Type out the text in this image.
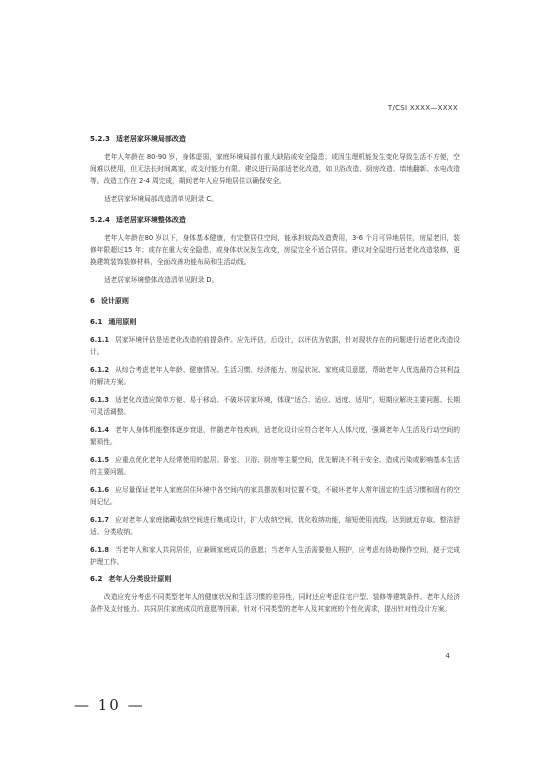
T/CSI XXXX—XXXX
5.2.3 适老居家环境局部改造

老年人年龄在 80-90 岁，身体虚弱，家庭环境局部有重大缺陷或安全隐患；或因生理机能发生变化导致生活不方便，空间难以使用，但无法长时间离家，或支付能力有限。建议进行局部适老化改造，如卫浴改造、厨房改造、墙地翻新、水电改造等。改造工作在 2-4 周完成，期间老年人应异地居住以确保安全。

适老居家环境局部改造清单见附录 C。

5.2.4 适老居家环境整体改造

老年人年龄在80 岁以下，身体基本健康，有完整居住空间，能承担较高改造费用，3-6 个月可异地居住，房屋老旧，装修年限超过15 年；或存在重大安全隐患，或身体状况发生改变，房屋完全不适合居住。建议对全屋进行适老化改造装修，更换建筑装饰装修材料，全面改善功能布局和生活动线。

适老居家环境整体改造清单见附录 D。

6 设计原则
6.1 通用原则

6.1.1 居家环境评估是适老化改造的前提条件。应先评估，后设计，以评估为依据，针对现状存在的问题进行适老化改造设计。

6.1.2 从综合考虑老年人年龄、健康情况、生活习惯、经济能力、房屋状况、家庭成员意愿，帮助老年人优选最符合其利益的解决方案。

6.1.3 适老化改造应简单方便、易于移动、不破坏居家环境，体现“适合、适应、适度、适用”，短期应解决主要问题、长期可灵活调整。

6.1.4 老年人身体机能整体逐步衰退，伴随老年性疾病，适老化设计应符合老年人人体尺度，强调老年人生活及行动空间的繁琐性。

6.1.5 应重点优化老年人经常使用的起居、卧室、卫浴、厨房等主要空间，优先解决不利于安全、造成污染或影响基本生活的主要问题。

6.1.6 应尽量保证老年人家庭居住环境中各空间内的家具摆放相对位置不变，不破坏老年人常年固定的生活习惯和固有的空间记忆。

6.1.7 应对老年人家庭储藏收纳空间进行集成设计，扩大收纳空间，优化收纳功能，缩短使用流线，达到就近存取、整洁舒适、分类收纳。

6.1.8 当老年人和家人共同居住，应兼顾家庭成员的意愿；当老年人生活需要他人照护，应考虑有协助操作空间，便于完成护理工作。

6.2 老年人分类设计原则

改造应充分考虑不同类型老年人的健康状况和生活习惯的差异性，同时还应考虑住宅户型、装修等建筑条件、老年人经济条件及支付能力、共同居住家庭成员的意愿等因素，针对不同类型的老年人及其家庭的个性化需求，提出针对性设计方案。

4
— 10 —
